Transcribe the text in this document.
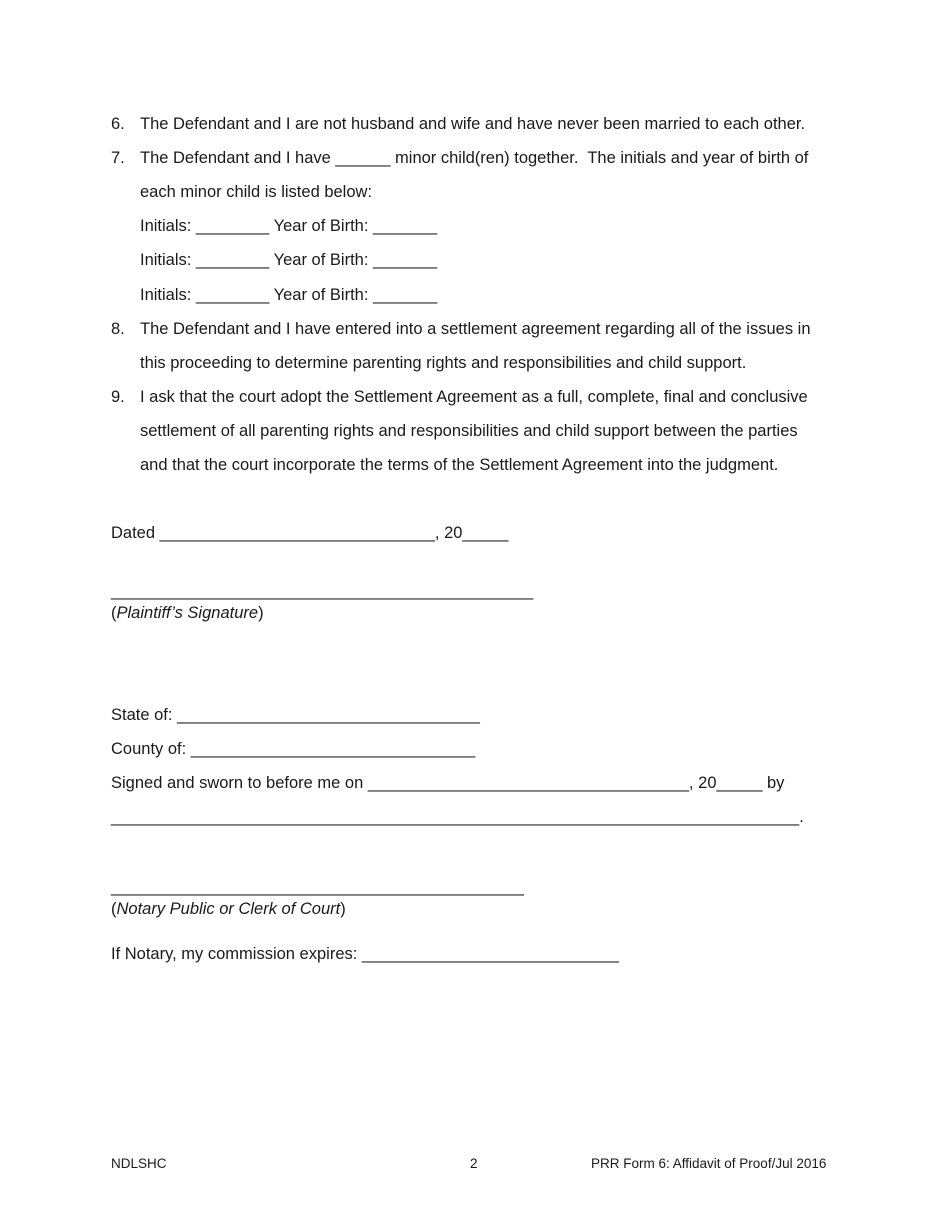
6. The Defendant and I are not husband and wife and have never been married to each other.
7. The Defendant and I have ______ minor child(ren) together.  The initials and year of birth of
each minor child is listed below:
Initials: ________ Year of Birth: _______
Initials: ________ Year of Birth: _______
Initials: ________ Year of Birth: _______
8. The Defendant and I have entered into a settlement agreement regarding all of the issues in
this proceeding to determine parenting rights and responsibilities and child support.
9. I ask that the court adopt the Settlement Agreement as a full, complete, final and conclusive
settlement of all parenting rights and responsibilities and child support between the parties
and that the court incorporate the terms of the Settlement Agreement into the judgment.
Dated ______________________________, 20_____
______________________________________________
(Plaintiff’s Signature)
State of: _________________________________
County of: _______________________________
Signed and sworn to before me on ___________________________________, 20_____ by
___________________________________________________________________________.
_____________________________________________
(Notary Public or Clerk of Court)
If Notary, my commission expires: ____________________________
NDLSHC	2	PRR Form 6: Affidavit of Proof/Jul 2016
